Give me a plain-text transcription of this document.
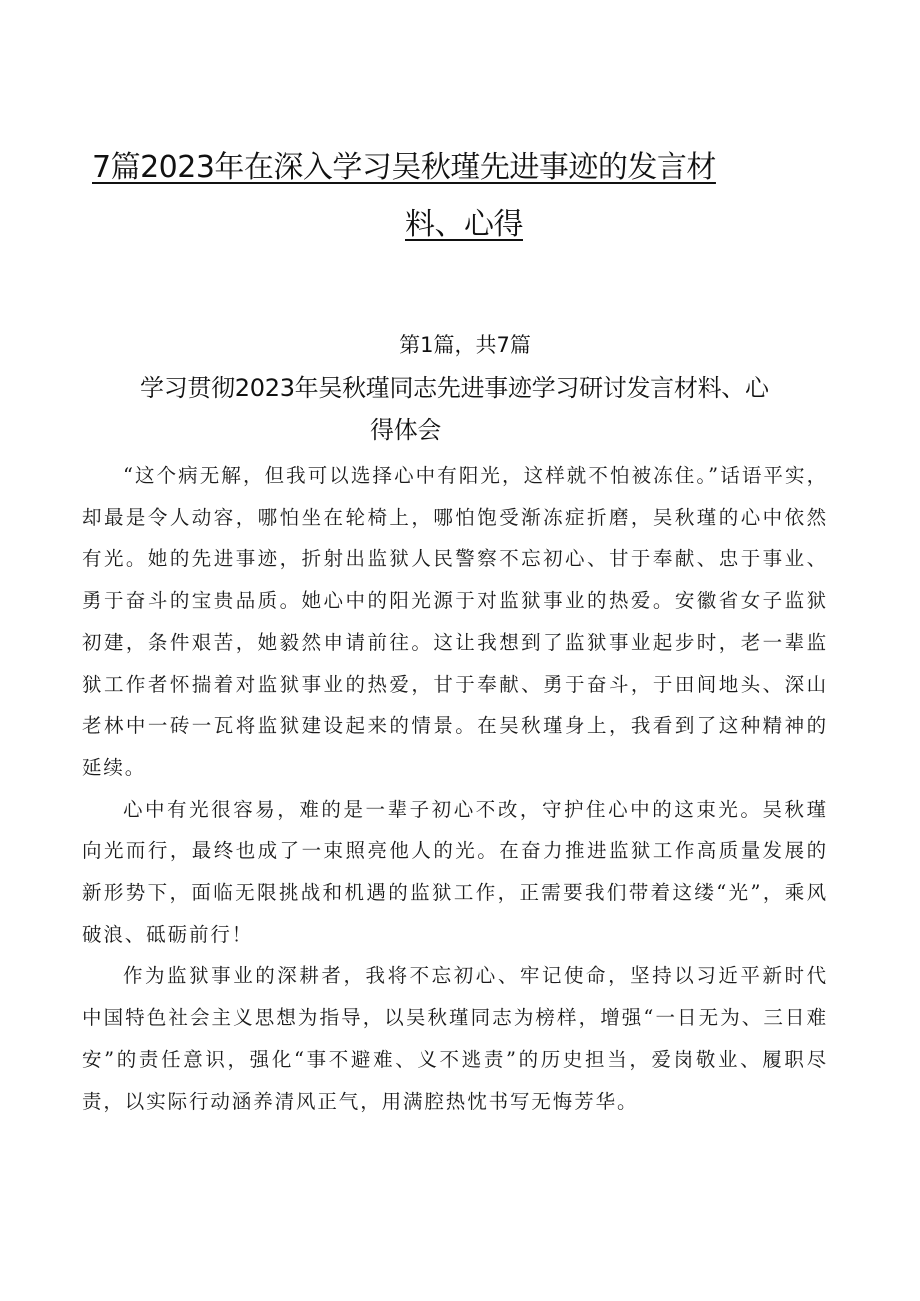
7篇2023年在深入学习吴秋瑾先进事迹的发言材
料、心得
第1篇，共7篇
学习贯彻2023年吴秋瑾同志先进事迹学习研讨发言材料、心
得体会

“这个病无解，但我可以选择心中有阳光，这样就不怕被冻住。”话语平实，却最是令人动容，哪怕坐在轮椅上，哪怕饱受渐冻症折磨，吴秋瑾的心中依然有光。她的先进事迹，折射出监狱人民警察不忘初心、甘于奉献、忠于事业、勇于奋斗的宝贵品质。她心中的阳光源于对监狱事业的热爱。安徽省女子监狱初建，条件艰苦，她毅然申请前往。这让我想到了监狱事业起步时，老一辈监狱工作者怀揣着对监狱事业的热爱，甘于奉献、勇于奋斗，于田间地头、深山老林中一砖一瓦将监狱建设起来的情景。在吴秋瑾身上，我看到了这种精神的延续。

心中有光很容易，难的是一辈子初心不改，守护住心中的这束光。吴秋瑾向光而行，最终也成了一束照亮他人的光。在奋力推进监狱工作高质量发展的新形势下，面临无限挑战和机遇的监狱工作，正需要我们带着这缕“光”，乘风破浪、砥砺前行！

作为监狱事业的深耕者，我将不忘初心、牢记使命，坚持以习近平新时代中国特色社会主义思想为指导，以吴秋瑾同志为榜样，增强“一日无为、三日难安”的责任意识，强化“事不避难、义不逃责”的历史担当，爱岗敬业、履职尽责，以实际行动涵养清风正气，用满腔热忱书写无悔芳华。
